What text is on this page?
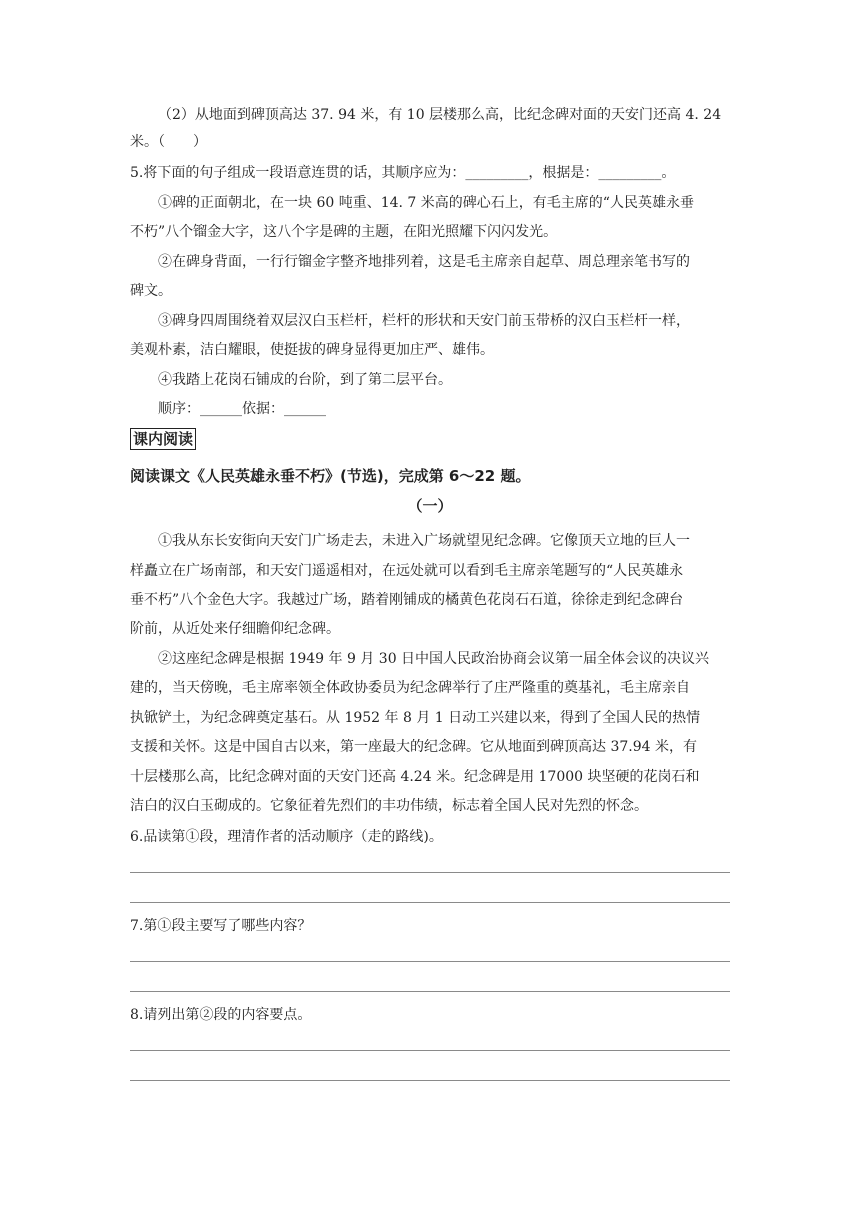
（2）从地面到碑顶高达 37. 94 米，有 10 层楼那么高，比纪念碑对面的天安门还高 4. 24
米。（　　）
5.将下面的句子组成一段语意连贯的话，其顺序应为：_________，根据是：_________。
①碑的正面朝北，在一块 60 吨重、14. 7 米高的碑心石上，有毛主席的“人民英雄永垂
不朽”八个镏金大字，这八个字是碑的主题，在阳光照耀下闪闪发光。
②在碑身背面，一行行镏金字整齐地排列着，这是毛主席亲自起草、周总理亲笔书写的
碑文。
③碑身四周围绕着双层汉白玉栏杆，栏杆的形状和天安门前玉带桥的汉白玉栏杆一样，
美观朴素，洁白耀眼，使挺拔的碑身显得更加庄严、雄伟。
④我踏上花岗石铺成的台阶，到了第二层平台。
顺序：______依据：______
课内阅读
阅读课文《人民英雄永垂不朽》(节选)，完成第 6～22 题。
（一）
①我从东长安街向天安门广场走去，未进入广场就望见纪念碑。它像顶天立地的巨人一
样矗立在广场南部，和天安门遥遥相对，在远处就可以看到毛主席亲笔题写的“人民英雄永
垂不朽”八个金色大字。我越过广场，踏着刚铺成的橘黄色花岗石石道，徐徐走到纪念碑台
阶前，从近处来仔细瞻仰纪念碑。
②这座纪念碑是根据 1949 年 9 月 30 日中国人民政治协商会议第一届全体会议的决议兴
建的，当天傍晚，毛主席率领全体政协委员为纪念碑举行了庄严隆重的奠基礼，毛主席亲自
执锨铲土，为纪念碑奠定基石。从 1952 年 8 月 1 日动工兴建以来，得到了全国人民的热情
支援和关怀。这是中国自古以来，第一座最大的纪念碑。它从地面到碑顶高达 37.94 米，有
十层楼那么高，比纪念碑对面的天安门还高 4.24 米。纪念碑是用 17000 块坚硬的花岗石和
洁白的汉白玉砌成的。它象征着先烈们的丰功伟绩，标志着全国人民对先烈的怀念。
6.品读第①段，理清作者的活动顺序（走的路线)。
7.第①段主要写了哪些内容？
8.请列出第②段的内容要点。
